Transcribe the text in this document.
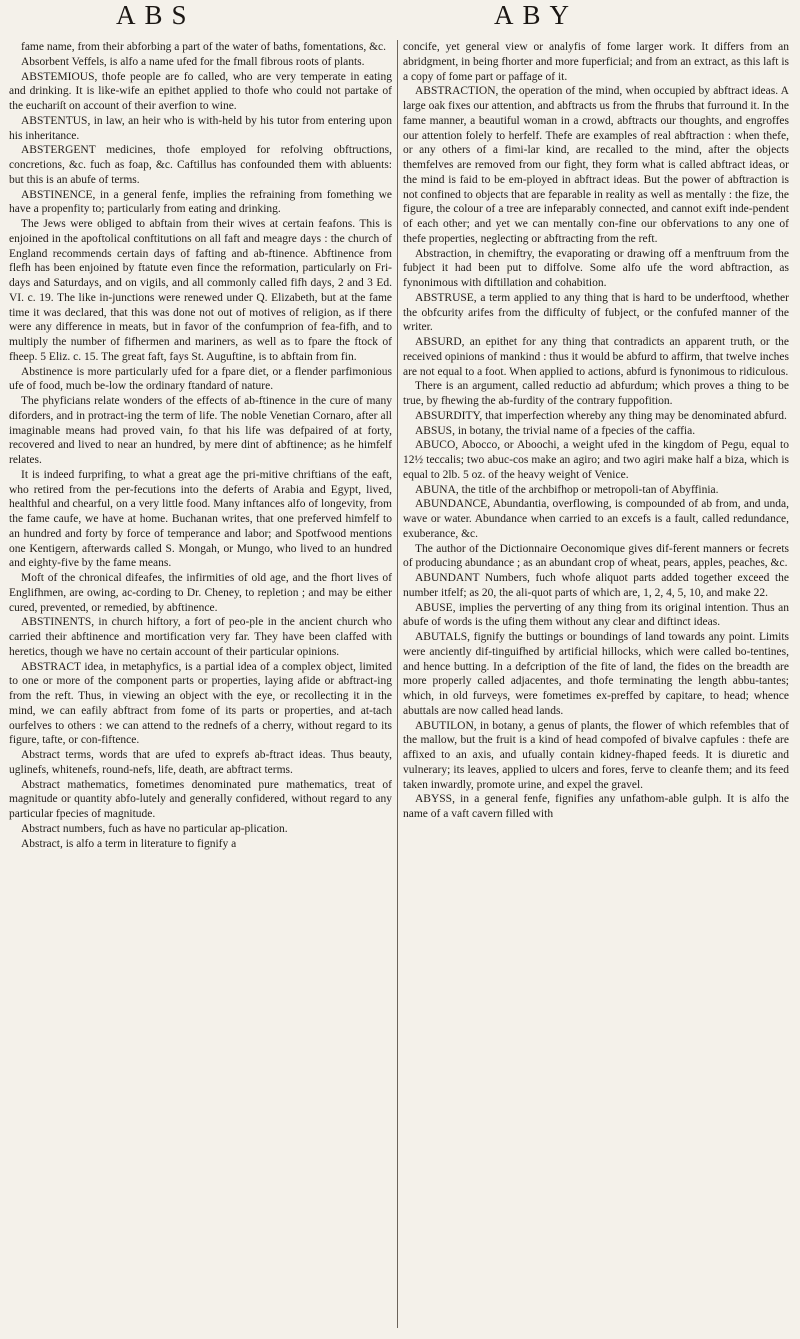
ABS	ABY

fame name, from their abforbing a part of the water of baths, fomentations, &c.

Absorbent Veffels, is alfo a name ufed for the fmall fibrous roots of plants.

ABSTEMIOUS, thofe people are fo called, who are very temperate in eating and drinking. It is like-wife an epithet applied to thofe who could not partake of the euchariſt on account of their averfion to wine.

ABSTENTUS, in law, an heir who is with-held by his tutor from entering upon his inheritance.

ABSTERGENT medicines, thofe employed for refolving obftructions, concretions, &c. fuch as foap, &c. Caftillus has confounded them with abluents: but this is an abufe of terms.

ABSTINENCE, in a general fenfe, implies the refraining from fomething we have a propenfity to; particularly from eating and drinking.

The Jews were obliged to abftain from their wives at certain feafons. This is enjoined in the apoftolical conftitutions on all faft and meagre days : the church of England recommends certain days of fafting and ab-ftinence. Abftinence from flefh has been enjoined by ftatute even fince the reformation, particularly on Fri-days and Saturdays, and on vigils, and all commonly called fifh days, 2 and 3 Ed. VI. c. 19. The like in-junctions were renewed under Q. Elizabeth, but at the fame time it was declared, that this was done not out of motives of religion, as if there were any difference in meats, but in favor of the confumprion of fea-fifh, and to multiply the number of fifhermen and mariners, as well as to fpare the ftock of fheep. 5 Eliz. c. 15. The great faft, fays St. Auguftine, is to abftain from fin.

Abstinence is more particularly ufed for a fpare diet, or a flender parfimonious ufe of food, much be-low the ordinary ftandard of nature.

The phyficians relate wonders of the effects of ab-ftinence in the cure of many diforders, and in protract-ing the term of life. The noble Venetian Cornaro, after all imaginable means had proved vain, fo that his life was defpaired of at forty, recovered and lived to near an hundred, by mere dint of abftinence; as he himfelf relates.

It is indeed furprifing, to what a great age the pri-mitive chriftians of the eaft, who retired from the per-fecutions into the deferts of Arabia and Egypt, lived, healthful and chearful, on a very little food. Many inftances alfo of longevity, from the fame caufe, we have at home. Buchanan writes, that one preferved himfelf to an hundred and forty by force of temperance and labor; and Spotfwood mentions one Kentigern, afterwards called S. Mongah, or Mungo, who lived to an hundred and eighty-five by the fame means.

Moft of the chronical difeafes, the infirmities of old age, and the fhort lives of Englifhmen, are owing, ac-cording to Dr. Cheney, to repletion ; and may be either cured, prevented, or remedied, by abftinence.

ABSTINENTS, in church hiftory, a fort of peo-ple in the ancient church who carried their abftinence and mortification very far. They have been claffed with heretics, though we have no certain account of their particular opinions.

ABSTRACT idea, in metaphyfics, is a partial idea of a complex object, limited to one or more of the component parts or properties, laying afide or abftract-ing from the reft. Thus, in viewing an object with the eye, or recollecting it in the mind, we can eafily abftract from fome of its parts or properties, and at-tach ourfelves to others : we can attend to the rednefs of a cherry, without regard to its figure, tafte, or con-fiftence.

Abstract terms, words that are ufed to exprefs ab-ftract ideas. Thus beauty, uglinefs, whitenefs, round-nefs, life, death, are abftract terms.

Abstract mathematics, fometimes denominated pure mathematics, treat of magnitude or quantity abfo-lutely and generally confidered, without regard to any particular fpecies of magnitude.

Abstract numbers, fuch as have no particular ap-plication.

Abstract, is alfo a term in literature to fignify a

concife, yet general view or analyfis of fome larger work. It differs from an abridgment, in being fhorter and more fuperficial; and from an extract, as this laft is a copy of fome part or paffage of it.

ABSTRACTION, the operation of the mind, when occupied by abftract ideas. A large oak fixes our attention, and abftracts us from the fhrubs that furround it. In the fame manner, a beautiful woman in a crowd, abftracts our thoughts, and engroffes our attention folely to herfelf. Thefe are examples of real abftraction : when thefe, or any others of a fimi-lar kind, are recalled to the mind, after the objects themfelves are removed from our fight, they form what is called abftract ideas, or the mind is faid to be em-ployed in abftract ideas. But the power of abftraction is not confined to objects that are feparable in reality as well as mentally : the fize, the figure, the colour of a tree are infeparably connected, and cannot exift inde-pendent of each other; and yet we can mentally con-fine our obfervations to any one of thefe properties, neglecting or abftracting from the reft.

Abstraction, in chemiftry, the evaporating or drawing off a menftruum from the fubject it had been put to diffolve. Some alfo ufe the word abftraction, as fynonimous with diftillation and cohabition.

ABSTRUSE, a term applied to any thing that is hard to be underftood, whether the obfcurity arifes from the difficulty of fubject, or the confufed manner of the writer.

ABSURD, an epithet for any thing that contradicts an apparent truth, or the received opinions of mankind : thus it would be abfurd to affirm, that twelve inches are not equal to a foot. When applied to actions, abfurd is fynonimous to ridiculous.

There is an argument, called reductio ad abfurdum; which proves a thing to be true, by fhewing the ab-furdity of the contrary fuppofition.

ABSURDITY, that imperfection whereby any thing may be denominated abfurd.

ABSUS, in botany, the trivial name of a fpecies of the caffia.

ABUCO, Abocco, or Aboochi, a weight ufed in the kingdom of Pegu, equal to 12½ teccalis; two abuc-cos make an agiro; and two agiri make half a biza, which is equal to 2lb. 5 oz. of the heavy weight of Venice.

ABUNA, the title of the archbifhop or metropoli-tan of Abyffinia.

ABUNDANCE, Abundantia, overflowing, is compounded of ab from, and unda, wave or water. Abundance when carried to an excefs is a fault, called redundance, exuberance, &c.

The author of the Dictionnaire Oeconomique gives dif-ferent manners or fecrets of producing abundance ; as an abundant crop of wheat, pears, apples, peaches, &c.

ABUNDANT Numbers, fuch whofe aliquot parts added together exceed the number itfelf; as 20, the ali-quot parts of which are, 1, 2, 4, 5, 10, and make 22.

ABUSE, implies the perverting of any thing from its original intention. Thus an abufe of words is the ufing them without any clear and diftinct ideas.

ABUTALS, fignify the buttings or boundings of land towards any point. Limits were anciently dif-tinguifhed by artificial hillocks, which were called bo-tentines, and hence butting. In a defcription of the fite of land, the fides on the breadth are more properly called adjacentes, and thofe terminating the length abbu-tantes; which, in old furveys, were fometimes ex-preffed by capitare, to head; whence abuttals are now called head lands.

ABUTILON, in botany, a genus of plants, the flower of which refembles that of the mallow, but the fruit is a kind of head compofed of bivalve capfules : thefe are affixed to an axis, and ufually contain kidney-fhaped feeds. It is diuretic and vulnerary; its leaves, applied to ulcers and fores, ferve to cleanfe them; and its feed taken inwardly, promote urine, and expel the gravel.

ABYSS, in a general fenfe, fignifies any unfathom-able gulph. It is alfo the name of a vaft cavern filled with
